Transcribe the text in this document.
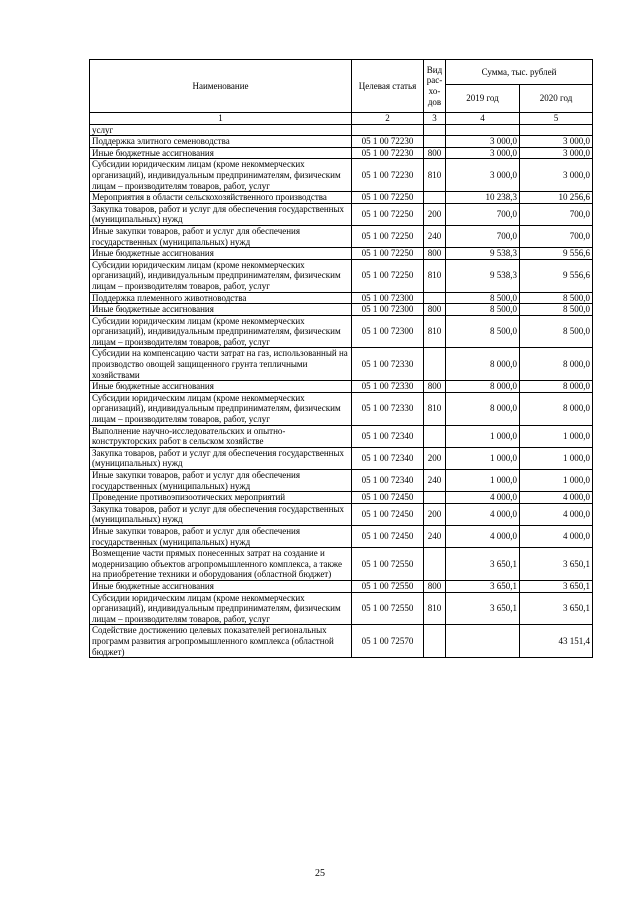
Наименование	Целевая статья	Вид рас-хо-дов	Сумма, тыс. рублей	
			2019 год	2020 год
1	2	3	4	5
услуг				
Поддержка элитного семеноводства	05 1 00 72230		3 000,0	3 000,0
Иные бюджетные ассигнования	05 1 00 72230	800	3 000,0	3 000,0
Субсидии юридическим лицам (кроме некоммерческих организаций), индивидуальным предпринимателям, физическим лицам – производителям товаров, работ, услуг	05 1 00 72230	810	3 000,0	3 000,0
Мероприятия в области сельскохозяйственного производства	05 1 00 72250		10 238,3	10 256,6
Закупка товаров, работ и услуг для обеспечения государственных (муниципальных) нужд	05 1 00 72250	200	700,0	700,0
Иные закупки товаров, работ и услуг для обеспечения государственных (муниципальных) нужд	05 1 00 72250	240	700,0	700,0
Иные бюджетные ассигнования	05 1 00 72250	800	9 538,3	9 556,6
Субсидии юридическим лицам (кроме некоммерческих организаций), индивидуальным предпринимателям, физическим лицам – производителям товаров, работ, услуг	05 1 00 72250	810	9 538,3	9 556,6
Поддержка племенного животноводства	05 1 00 72300		8 500,0	8 500,0
Иные бюджетные ассигнования	05 1 00 72300	800	8 500,0	8 500,0
Субсидии юридическим лицам (кроме некоммерческих организаций), индивидуальным предпринимателям, физическим лицам – производителям товаров, работ, услуг	05 1 00 72300	810	8 500,0	8 500,0
Субсидии на компенсацию части затрат на газ, использованный на производство овощей защищенного грунта тепличными хозяйствами	05 1 00 72330		8 000,0	8 000,0
Иные бюджетные ассигнования	05 1 00 72330	800	8 000,0	8 000,0
Субсидии юридическим лицам (кроме некоммерческих организаций), индивидуальным предпринимателям, физическим лицам – производителям товаров, работ, услуг	05 1 00 72330	810	8 000,0	8 000,0
Выполнение научно-исследовательских и опытно-конструкторских работ в сельском хозяйстве	05 1 00 72340		1 000,0	1 000,0
Закупка товаров, работ и услуг для обеспечения государственных (муниципальных) нужд	05 1 00 72340	200	1 000,0	1 000,0
Иные закупки товаров, работ и услуг для обеспечения государственных (муниципальных) нужд	05 1 00 72340	240	1 000,0	1 000,0
Проведение противоэпизоотических мероприятий	05 1 00 72450		4 000,0	4 000,0
Закупка товаров, работ и услуг для обеспечения государственных (муниципальных) нужд	05 1 00 72450	200	4 000,0	4 000,0
Иные закупки товаров, работ и услуг для обеспечения государственных (муниципальных) нужд	05 1 00 72450	240	4 000,0	4 000,0
Возмещение части прямых понесенных затрат на создание и модернизацию объектов агропромышленного комплекса, а также на приобретение техники и оборудования (областной бюджет)	05 1 00 72550		3 650,1	3 650,1
Иные бюджетные ассигнования	05 1 00 72550	800	3 650,1	3 650,1
Субсидии юридическим лицам (кроме некоммерческих организаций), индивидуальным предпринимателям, физическим лицам – производителям товаров, работ, услуг	05 1 00 72550	810	3 650,1	3 650,1
Содействие достижению целевых показателей региональных программ развития агропромышленного комплекса (областной бюджет)	05 1 00 72570			43 151,4
25
